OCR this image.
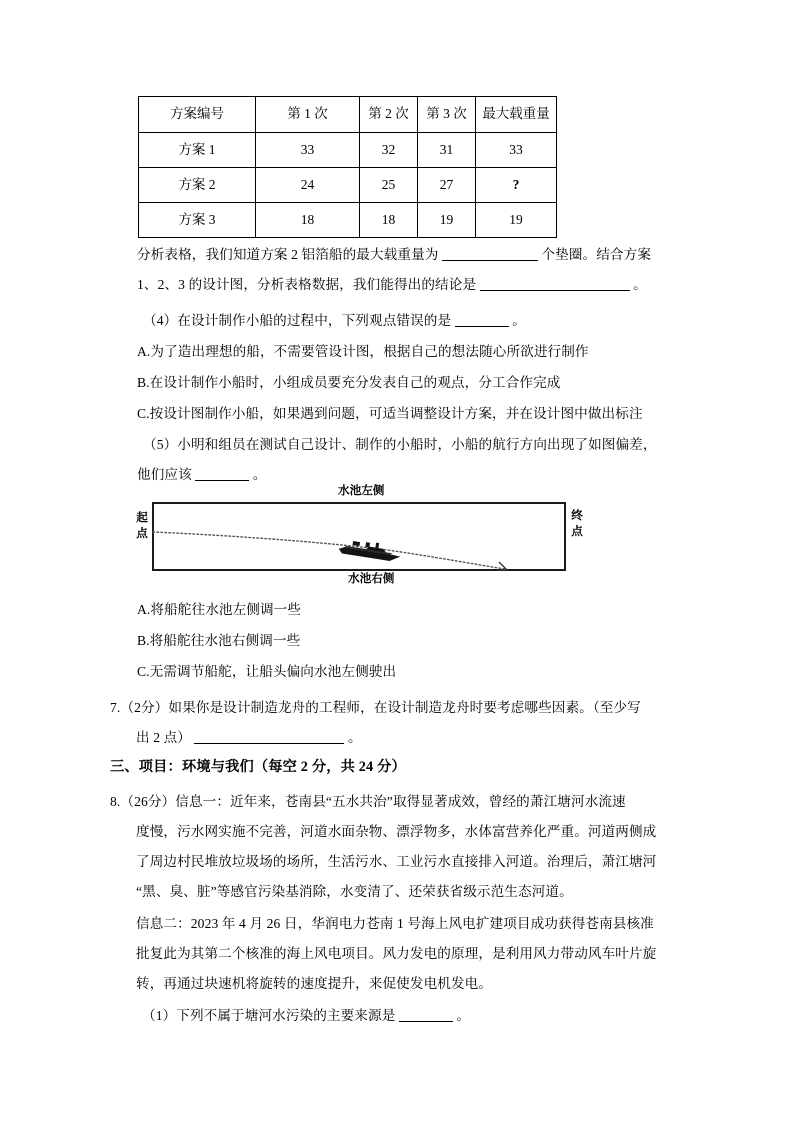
方案编号	第 1 次	第 2 次	第 3 次	最大载重量
方案 1	33	32	31	33
方案 2	24	25	27	?
方案 3	18	18	19	19
分析表格，我们知道方案 2 铝箔船的最大载重量为	个垫圈。结合方案
1、2、3 的设计图，分析表格数据，我们能得出的结论是	。
（4）在设计制作小船的过程中，下列观点错误的是	。
A.为了造出理想的船，不需要管设计图，根据自己的想法随心所欲进行制作
B.在设计制作小船时，小组成员要充分发表自己的观点，分工合作完成
C.按设计图制作小船，如果遇到问题，可适当调整设计方案，并在设计图中做出标注
（5）小明和组员在测试自己设计、制作的小船时，小船的航行方向出现了如图偏差，
他们应该	。
水池左侧
水池右侧
起
点
终
点
A.将船舵往水池左侧调一些
B.将船舵往水池右侧调一些
C.无需调节船舵，让船头偏向水池左侧驶出
7.（2分）如果你是设计制造龙舟的工程师，在设计制造龙舟时要考虑哪些因素。（至少写
出 2 点）	。
三、项目：环境与我们（每空 2 分，共 24 分）
8.（26分）信息一：近年来，苍南县“五水共治”取得显著成效，曾经的萧江塘河水流速
度慢，污水网实施不完善，河道水面杂物、漂浮物多，水体富营养化严重。河道两侧成
了周边村民堆放垃圾场的场所，生活污水、工业污水直接排入河道。治理后，萧江塘河
“黑、臭、脏”等感官污染基消除，水变清了、还荣获省级示范生态河道。
信息二：2023 年 4 月 26 日，华润电力苍南 1 号海上风电扩建项目成功获得苍南县核准
批复此为其第二个核准的海上风电项目。风力发电的原理，是利用风力带动风车叶片旋
转，再通过块速机将旋转的速度提升，来促使发电机发电。
（1）下列不属于塘河水污染的主要来源是	。
